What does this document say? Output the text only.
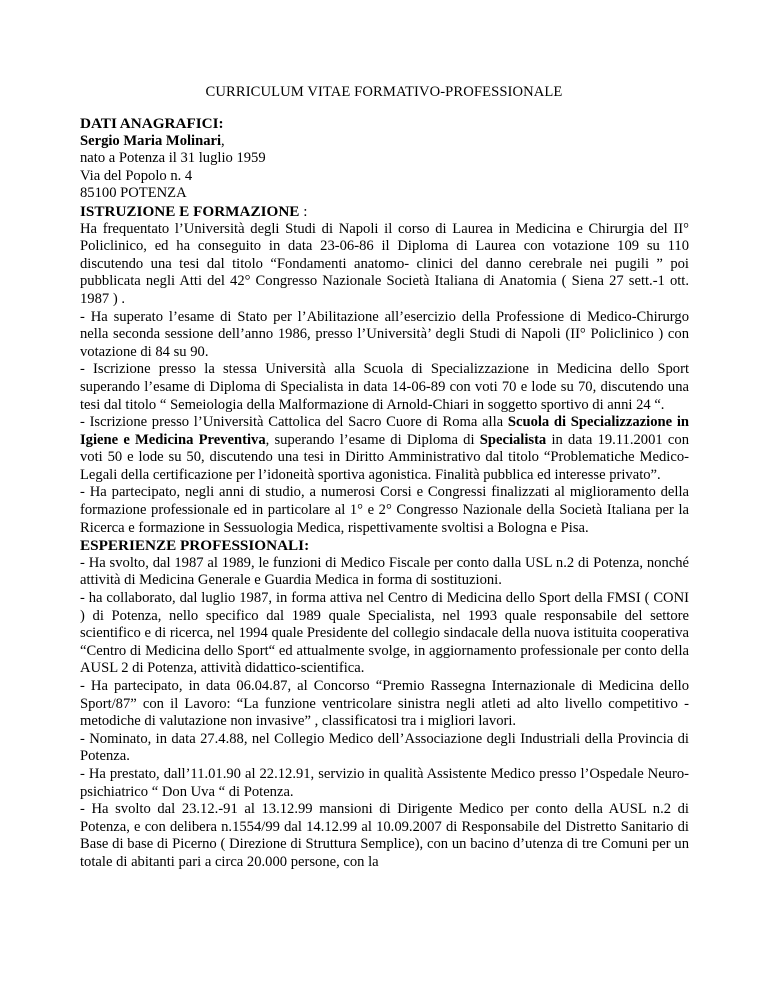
CURRICULUM VITAE FORMATIVO-PROFESSIONALE

DATI ANAGRAFICI:

Sergio Maria Molinari,

nato a Potenza il 31 luglio 1959

Via del Popolo n. 4

85100 POTENZA

ISTRUZIONE E FORMAZIONE :

Ha frequentato l’Università degli Studi di Napoli il corso di Laurea in Medicina e Chirurgia del II° Policlinico, ed ha conseguito in data 23-06-86 il Diploma di Laurea con votazione 109 su 110 discutendo una tesi dal titolo “Fondamenti anatomo- clinici del danno cerebrale nei pugili ” poi pubblicata negli Atti del 42° Congresso Nazionale Società Italiana di Anatomia ( Siena 27 sett.-1 ott. 1987 ) .

- Ha superato l’esame di Stato per l’Abilitazione all’esercizio della Professione di Medico-Chirurgo nella seconda sessione dell’anno 1986, presso l’Università’ degli Studi di Napoli (II° Policlinico ) con votazione di 84 su 90.

- Iscrizione presso la stessa Università alla Scuola di Specializzazione in Medicina dello Sport superando l’esame di Diploma di Specialista in data 14-06-89 con voti 70 e lode su 70, discutendo una tesi dal titolo “ Semeiologia della Malformazione di Arnold-Chiari in soggetto sportivo di anni 24 “.

- Iscrizione presso l’Università Cattolica del Sacro Cuore di Roma alla Scuola di Specializzazione in Igiene e Medicina Preventiva, superando l’esame di Diploma di Specialista in data 19.11.2001 con voti 50 e lode su 50, discutendo una tesi in Diritto Amministrativo dal titolo “Problematiche Medico-Legali della certificazione per l’idoneità sportiva agonistica. Finalità pubblica ed interesse privato”.

- Ha partecipato, negli anni di studio, a numerosi Corsi e Congressi finalizzati al miglioramento della formazione professionale ed in particolare al 1° e 2° Congresso Nazionale della Società Italiana per la Ricerca e formazione in Sessuologia Medica, rispettivamente svoltisi a Bologna e Pisa.

ESPERIENZE PROFESSIONALI:

- Ha svolto, dal 1987 al 1989, le funzioni di Medico Fiscale per conto dalla USL n.2 di Potenza, nonché attività di Medicina Generale e Guardia Medica in forma di sostituzioni.

- ha collaborato, dal luglio 1987, in forma attiva nel Centro di Medicina dello Sport della FMSI ( CONI ) di Potenza, nello specifico dal 1989 quale Specialista, nel 1993 quale responsabile del settore scientifico e di ricerca, nel 1994 quale Presidente del collegio sindacale della nuova istituita cooperativa “Centro di Medicina dello Sport“ ed attualmente svolge, in aggiornamento professionale per conto della AUSL 2 di Potenza, attività didattico-scientifica.

- Ha partecipato, in data 06.04.87, al Concorso “Premio Rassegna Internazionale di Medicina dello Sport/87” con il Lavoro: “La funzione ventricolare sinistra negli atleti ad alto livello competitivo - metodiche di valutazione non invasive” , classificatosi tra i migliori lavori.

- Nominato, in data 27.4.88, nel Collegio Medico dell’Associazione degli Industriali della Provincia di Potenza.

- Ha prestato, dall’11.01.90 al 22.12.91, servizio in qualità Assistente Medico presso l’Ospedale Neuro-psichiatrico “ Don Uva “ di Potenza.

- Ha svolto dal 23.12.-91 al 13.12.99 mansioni di Dirigente Medico per conto della AUSL n.2 di Potenza, e con delibera n.1554/99 dal 14.12.99 al 10.09.2007 di Responsabile del Distretto Sanitario di Base di base di Picerno ( Direzione di Struttura Semplice), con un bacino d’utenza di tre Comuni per un totale di abitanti pari a circa 20.000 persone, con la
